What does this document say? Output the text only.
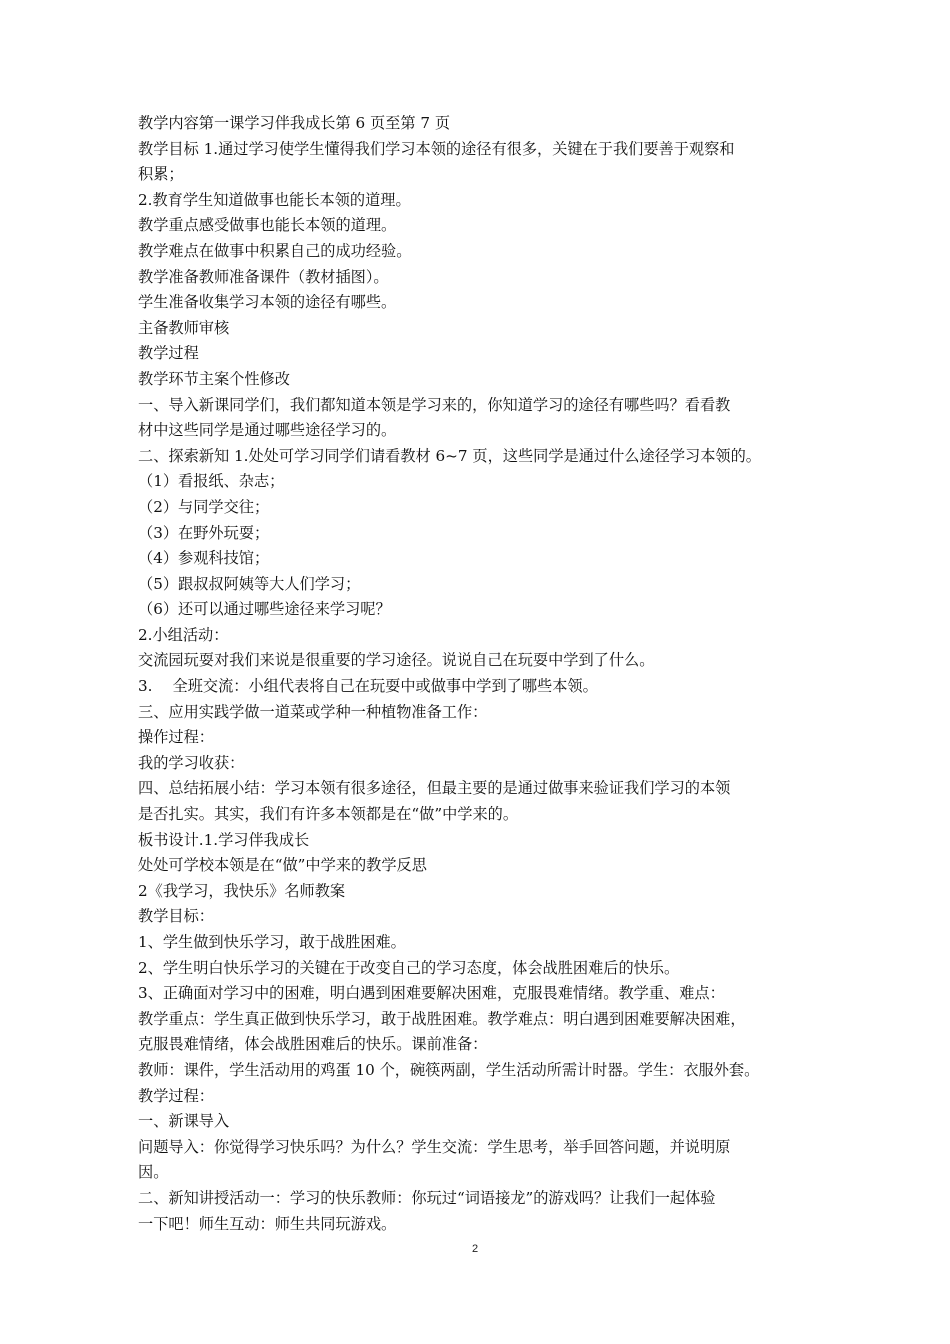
教学内容第一课学习伴我成长第 6 页至第 7 页
教学目标 1.通过学习使学生懂得我们学习本领的途径有很多，关键在于我们要善于观察和
积累；
2.教育学生知道做事也能长本领的道理。
教学重点感受做事也能长本领的道理。
教学难点在做事中积累自己的成功经验。
教学准备教师准备课件（教材插图）。
学生准备收集学习本领的途径有哪些。
主备教师审核
教学过程
教学环节主案个性修改
一、导入新课同学们，我们都知道本领是学习来的，你知道学习的途径有哪些吗？看看教
材中这些同学是通过哪些途径学习的。
二、探索新知 1.处处可学习同学们请看教材 6~7 页，这些同学是通过什么途径学习本领的。
（1）看报纸、杂志；
（2）与同学交往；
（3）在野外玩耍；
（4）参观科技馆；
（5）跟叔叔阿姨等大人们学习；
（6）还可以通过哪些途径来学习呢？
2.小组活动：
交流园玩耍对我们来说是很重要的学习途径。说说自己在玩耍中学到了什么。
3.　 全班交流：小组代表将自己在玩耍中或做事中学到了哪些本领。
三、应用实践学做一道菜或学种一种植物准备工作：
操作过程：
我的学习收获：
四、总结拓展小结：学习本领有很多途径，但最主要的是通过做事来验证我们学习的本领
是否扎实。其实，我们有许多本领都是在“做”中学来的。
板书设计.1.学习伴我成长
处处可学校本领是在“做”中学来的教学反思
2《我学习，我快乐》名师教案
教学目标：
1、学生做到快乐学习，敢于战胜困难。
2、学生明白快乐学习的关键在于改变自己的学习态度，体会战胜困难后的快乐。
3、正确面对学习中的困难，明白遇到困难要解决困难，克服畏难情绪。教学重、难点：
教学重点：学生真正做到快乐学习，敢于战胜困难。教学难点：明白遇到困难要解决困难，
克服畏难情绪，体会战胜困难后的快乐。课前准备：
教师：课件，学生活动用的鸡蛋 10 个，碗筷两副，学生活动所需计时器。学生：衣服外套。
教学过程：
一、新课导入
问题导入：你觉得学习快乐吗？为什么？学生交流：学生思考，举手回答问题，并说明原
因。
二、新知讲授活动一：学习的快乐教师：你玩过“词语接龙”的游戏吗？让我们一起体验
一下吧！师生互动：师生共同玩游戏。
2
